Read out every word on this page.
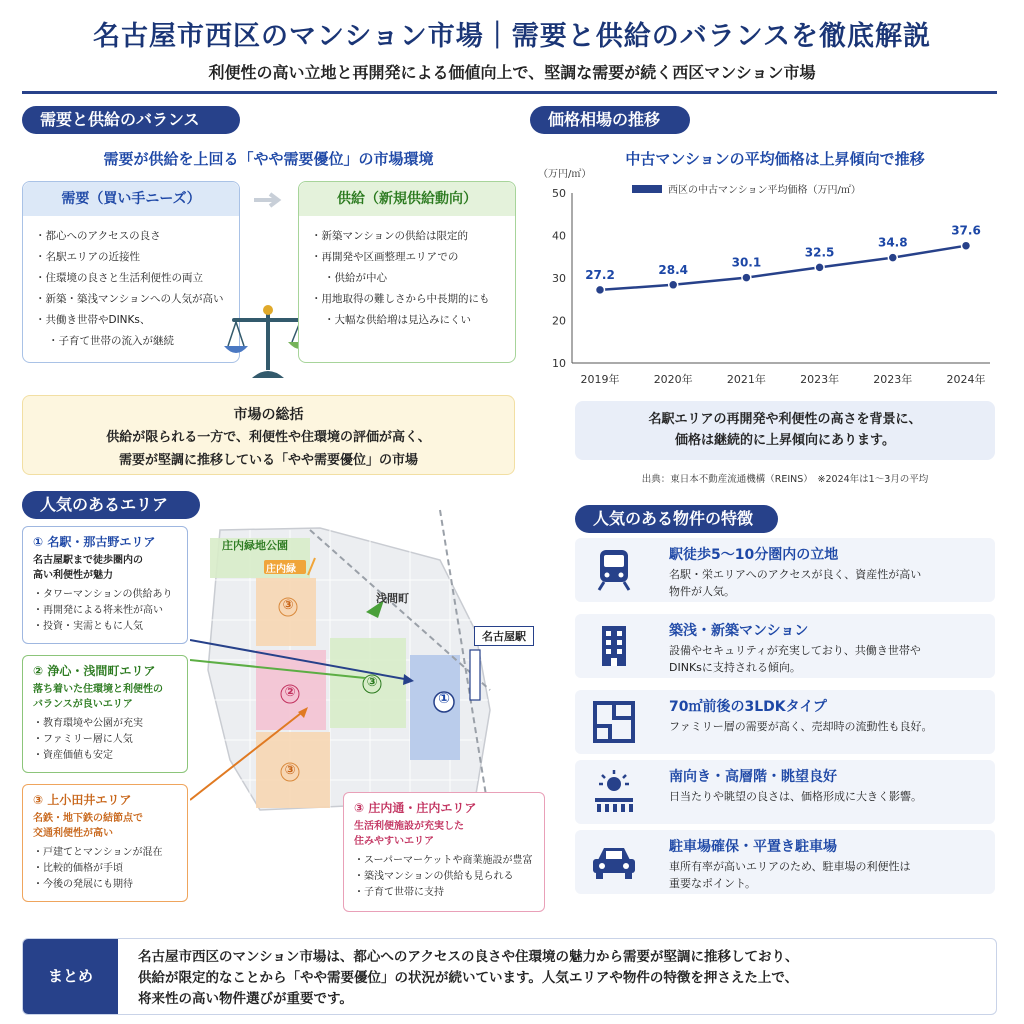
名古屋市西区のマンション市場｜需要と供給のバランスを徹底解説
利便性の高い立地と再開発による価値向上で、堅調な需要が続く西区マンション市場
需要と供給のバランス
需要が供給を上回る「やや需要優位」の市場環境
需要（買い手ニーズ）
・ 都心へのアクセスの良さ
・ 名駅エリアの近接性
・ 住環境の良さと生活利便性の両立
・ 新築・築浅マンションへの人気が高い
・ 共働き世帯やDINKs、
・ 子育て世帯の流入が継続
供給（新規供給動向）
・ 新築マンションの供給は限定的
・ 再開発や区画整理エリアでの
・ 供給が中心
・ 用地取得の難しさから中長期的にも
・ 大幅な供給増は見込みにくい
市場の総括
供給が限られる一方で、利便性や住環境の評価が高く、
需要が堅調に推移している「やや需要優位」の市場
価格相場の推移
中古マンションの平均価格は上昇傾向で推移
（万円/㎡）
10
20
30
40
50
2019年	2020年	2021年	2023年	2023年	2024年
西区の中古マンション平均価格（万円/㎡）
27.2	28.4
30.1
32.5
34.8
37.6
名駅エリアの再開発や利便性の高さを背景に、
価格は継続的に上昇傾向にあります。
出典：東日本不動産流通機構（REINS）　※2024年は1〜3月の平均
人気のあるエリア
庄内緑地公園
庄内緑
浅間町
名古屋駅
①
②
③
③
③
① 名駅・那古野エリア
名古屋駅まで徒歩圏内の
高い利便性が魅力
・ タワーマンションの供給あり
・ 再開発による将来性が高い
・ 投資・実需ともに人気
② 浄心・浅間町エリア
落ち着いた住環境と利便性の
バランスが良いエリア
・ 教育環境や公園が充実
・ ファミリー層に人気
・ 資産価値も安定
③ 上小田井エリア
名鉄・地下鉄の結節点で
交通利便性が高い
・ 戸建てとマンションが混在
・ 比較的価格が手頃
・ 今後の発展にも期待
③ 庄内通・庄内エリア
生活利便施設が充実した
住みやすいエリア
・ スーパーマーケットや商業施設が豊富
・ 築浅マンションの供給も見られる
・ 子育て世帯に支持
人気のある物件の特徴
駅徒歩5〜10分圏内の立地
名駅・栄エリアへのアクセスが良く、資産性が高い
物件が人気。
築浅・新築マンション
設備やセキュリティが充実しており、共働き世帯や
DINKsに支持される傾向。
70㎡前後の3LDKタイプ
ファミリー層の需要が高く、売却時の流動性も良好。

南向き・高層階・眺望良好
日当たりや眺望の良さは、価格形成に大きく影響。

駐車場確保・平置き駐車場
車所有率が高いエリアのため、駐車場の利便性は
重要なポイント。
まとめ
名古屋市西区のマンション市場は、都心へのアクセスの良さや住環境の魅力から需要が堅調に推移しており、
供給が限定的なことから「やや需要優位」の状況が続いています。人気エリアや物件の特徴を押さえた上で、
将来性の高い物件選びが重要です。
